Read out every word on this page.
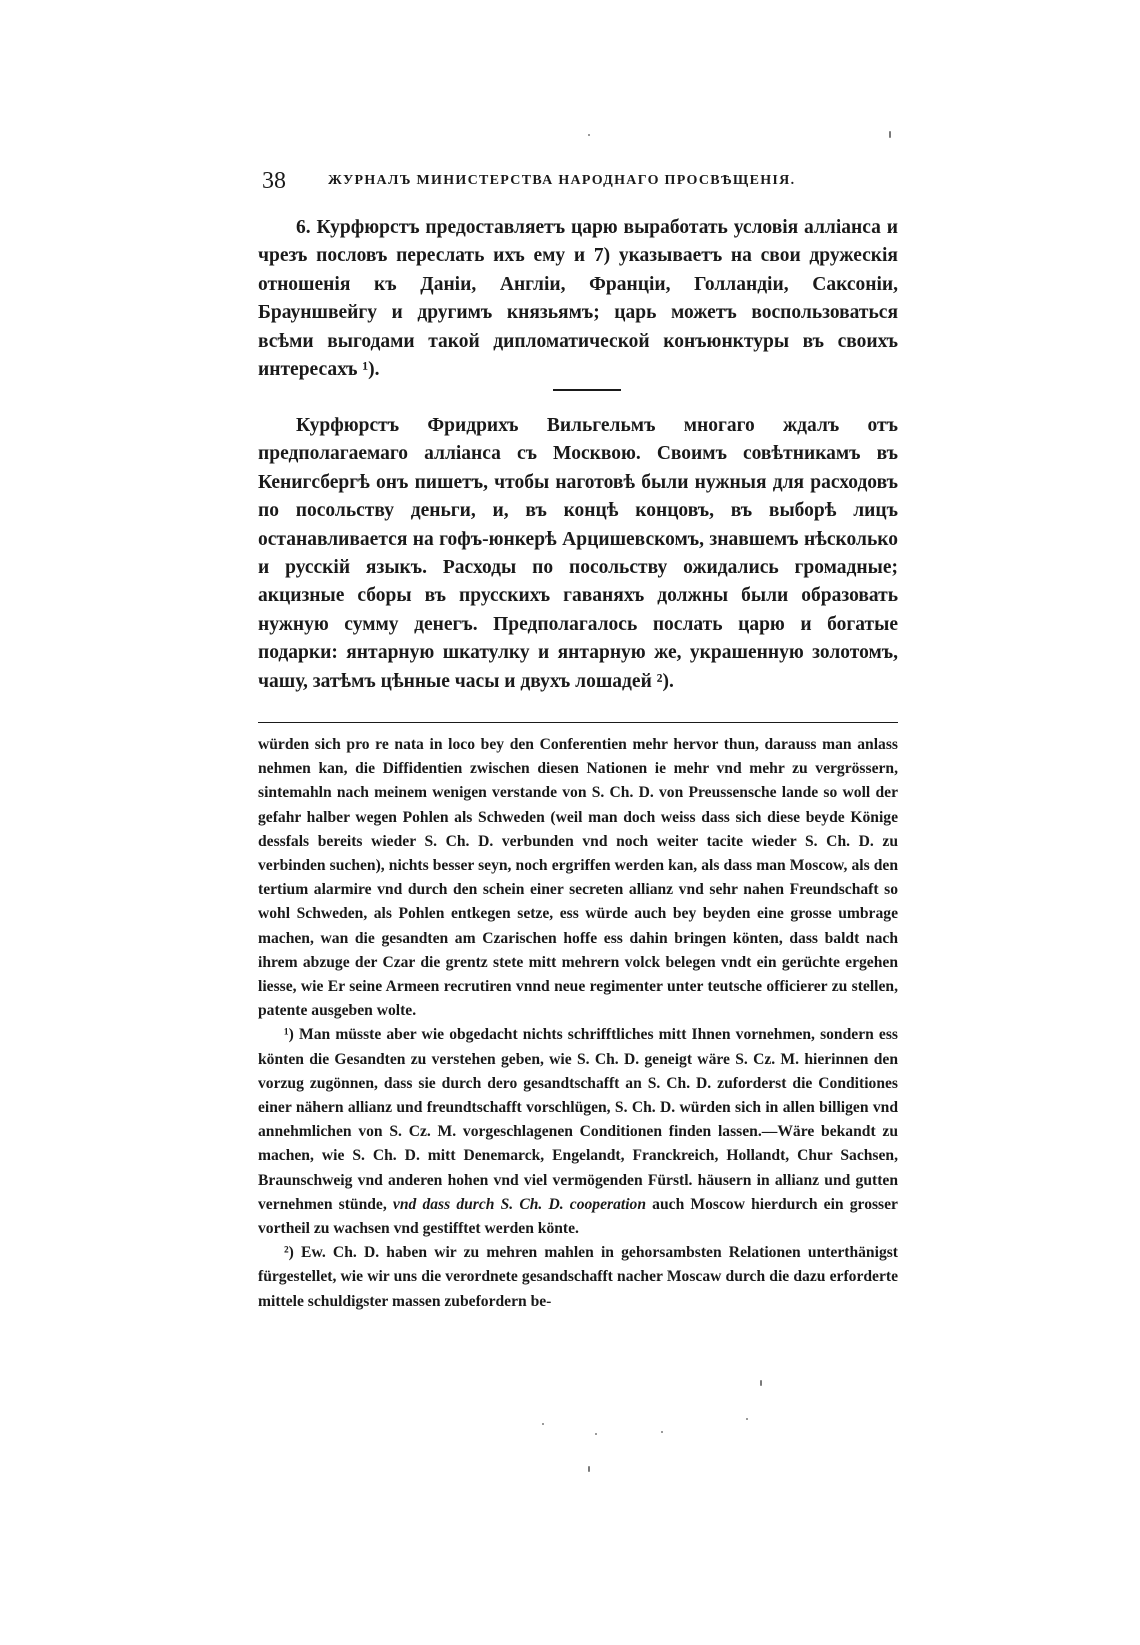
38	ЖУРНАЛЪ МИНИСТЕРСТВА НАРОДНАГО ПРОСВѢЩЕНІЯ.

6. Курфюрстъ предоставляетъ царю выработать условія алліанса и чрезъ пословъ переслать ихъ ему и 7) указываетъ на свои дружескія отношенія къ Даніи, Англіи, Франціи, Голландіи, Саксоніи, Брауншвейгу и другимъ князьямъ; царь можетъ воспользоваться всѣми выгодами такой дипломатической конъюнктуры въ своихъ интересахъ ¹).

Курфюрстъ Фридрихъ Вильгельмъ многаго ждалъ отъ предполагаемаго алліанса съ Москвою. Своимъ совѣтникамъ въ Кенигсбергѣ онъ пишетъ, чтобы наготовѣ были нужныя для расходовъ по посольству деньги, и, въ концѣ концовъ, въ выборѣ лицъ останавливается на гофъ-юнкерѣ Арцишевскомъ, знавшемъ нѣсколько и русскій языкъ. Расходы по посольству ожидались громадные; акцизные сборы въ прусскихъ гаваняхъ должны были образовать нужную сумму денегъ. Предполагалось послать царю и богатые подарки: янтарную шкатулку и янтарную же, украшенную золотомъ, чашу, затѣмъ цѣнные часы и двухъ лошадей ²).

würden sich pro re nata in loco bey den Conferentien mehr hervor thun, darauss man anlass nehmen kan, die Diffidentien zwischen diesen Nationen ie mehr vnd mehr zu vergrössern, sintemahln nach meinem wenigen verstande von S. Ch. D. von Preussensche lande so woll der gefahr halber wegen Pohlen als Schweden (weil man doch weiss dass sich diese beyde Könige dessfals bereits wieder S. Ch. D. verbunden vnd noch weiter tacite wieder S. Ch. D. zu verbinden suchen), nichts besser seyn, noch ergriffen werden kan, als dass man Moscow, als den tertium alarmire vnd durch den schein einer secreten allianz vnd sehr nahen Freundschaft so wohl Schweden, als Pohlen entkegen setze, ess würde auch bey beyden eine grosse umbrage machen, wan die gesandten am Czarischen hoffe ess dahin bringen könten, dass baldt nach ihrem abzuge der Czar die grentz stete mitt mehrern volck belegen vndt ein gerüchte ergehen liesse, wie Er seine Armeen recrutiren vnnd neue regimenter unter teutsche officierer zu stellen, patente ausgeben wolte.

¹) Man müsste aber wie obgedacht nichts schrifftliches mitt Ihnen vornehmen, sondern ess könten die Gesandten zu verstehen geben, wie S. Ch. D. geneigt wäre S. Cz. M. hierinnen den vorzug zugönnen, dass sie durch dero gesandtschafft an S. Ch. D. zuforderst die Conditiones einer nähern allianz und freundtschafft vorschlügen, S. Ch. D. würden sich in allen billigen vnd annehmlichen von S. Cz. M. vorgeschlagenen Conditionen finden lassen.—Wäre bekandt zu machen, wie S. Ch. D. mitt Denemarck, Engelandt, Franckreich, Hollandt, Chur Sachsen, Braunschweig vnd anderen hohen vnd viel vermögenden Fürstl. häusern in allianz und gutten vernehmen stünde, vnd dass durch S. Ch. D. cooperation auch Moscow hierdurch ein grosser vortheil zu wachsen vnd gestifftet werden könte.

²) Ew. Ch. D. haben wir zu mehren mahlen in gehorsambsten Relationen unterthänigst fürgestellet, wie wir uns die verordnete gesandschafft nacher Moscaw durch die dazu erforderte mittele schuldigster massen zubefordern be-
